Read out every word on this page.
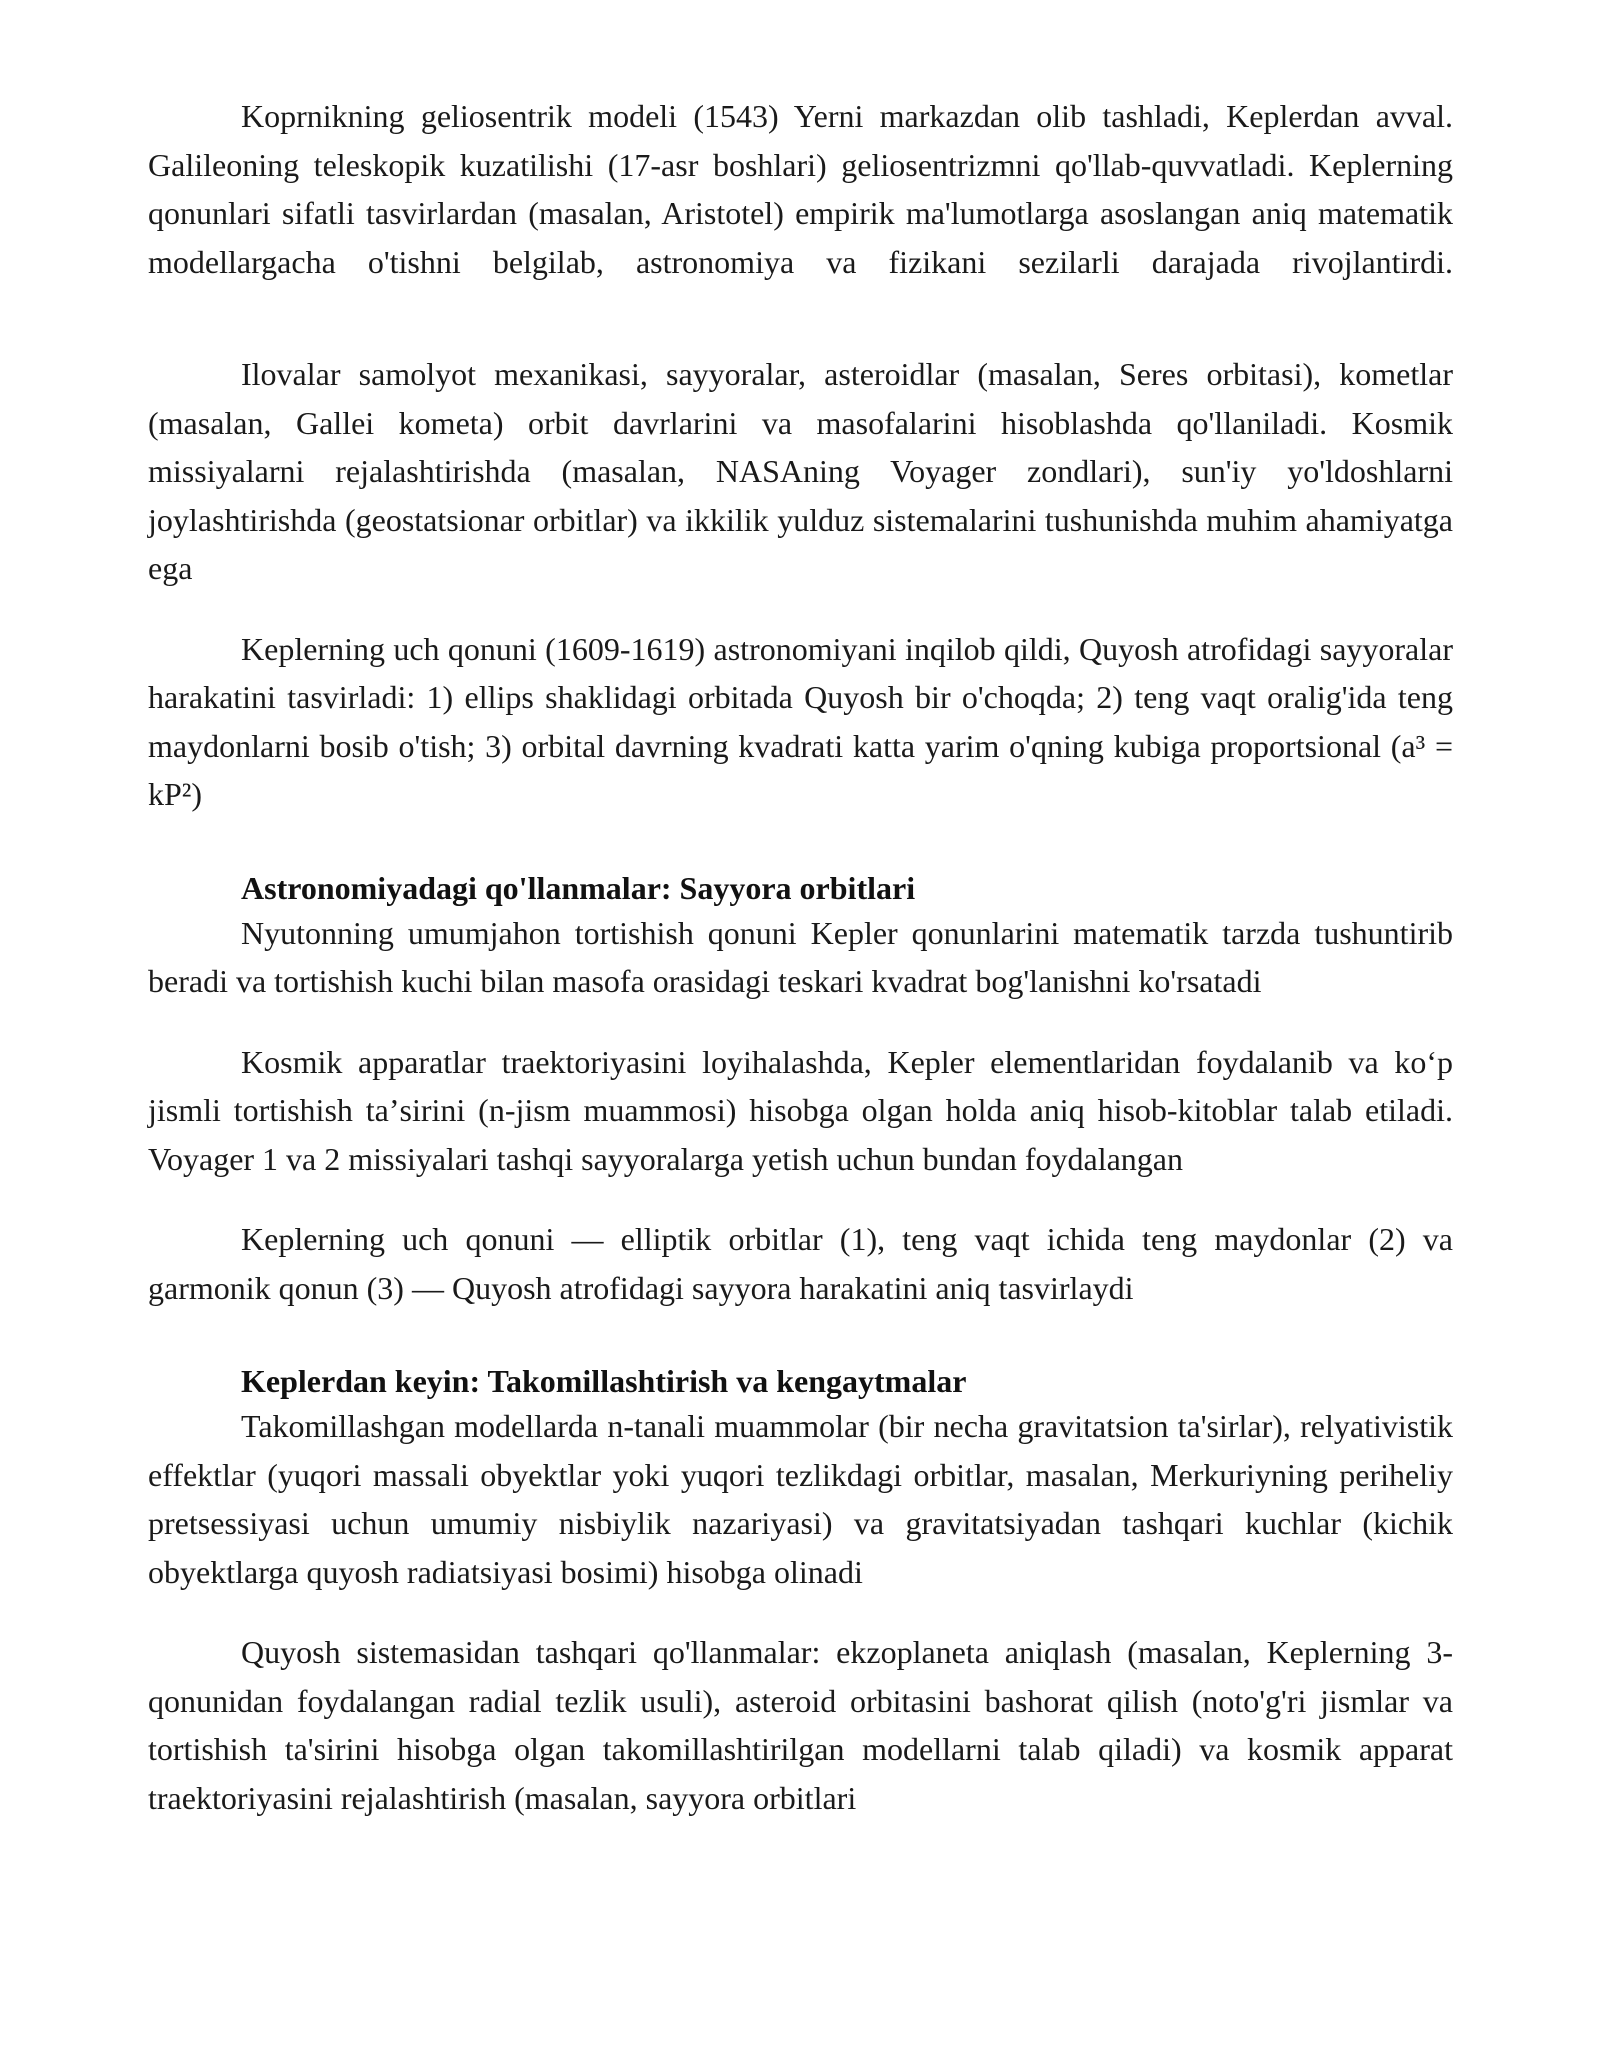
Koprnikning geliosentrik modeli (1543) Yerni markazdan olib tashladi, Keplerdan avval. Galileoning teleskopik kuzatilishi (17-asr boshlari) geliosentrizmni qo'llab-quvvatladi. Keplerning qonunlari sifatli tasvirlardan (masalan, Aristotel) empirik ma'lumotlarga asoslangan aniq matematik modellargacha o'tishni belgilab, astronomiya va fizikani sezilarli darajada rivojlantirdi.

Ilovalar samolyot mexanikasi, sayyoralar, asteroidlar (masalan, Seres orbitasi), kometlar (masalan, Gallei kometa) orbit davrlarini va masofalarini hisoblashda qo'llaniladi. Kosmik missiyalarni rejalashtirishda (masalan, NASAning Voyager zondlari), sun'iy yo'ldoshlarni joylashtirishda (geostatsionar orbitlar) va ikkilik yulduz sistemalarini tushunishda muhim ahamiyatga ega

Keplerning uch qonuni (1609-1619) astronomiyani inqilob qildi, Quyosh atrofidagi sayyoralar harakatini tasvirladi: 1) ellips shaklidagi orbitada Quyosh bir o'choqda; 2) teng vaqt oralig'ida teng maydonlarni bosib o'tish; 3) orbital davrning kvadrati katta yarim o'qning kubiga proportsional (a³ = kP²)

Astronomiyadagi qo'llanmalar: Sayyora orbitlari

Nyutonning umumjahon tortishish qonuni Kepler qonunlarini matematik tarzda tushuntirib beradi va tortishish kuchi bilan masofa orasidagi teskari kvadrat bog'lanishni ko'rsatadi

Kosmik apparatlar traektoriyasini loyihalashda, Kepler elementlaridan foydalanib va koʻp jismli tortishish taʼsirini (n-jism muammosi) hisobga olgan holda aniq hisob-kitoblar talab etiladi. Voyager 1 va 2 missiyalari tashqi sayyoralarga yetish uchun bundan foydalangan

Keplerning uch qonuni — elliptik orbitlar (1), teng vaqt ichida teng maydonlar (2) va garmonik qonun (3) — Quyosh atrofidagi sayyora harakatini aniq tasvirlaydi

Keplerdan keyin: Takomillashtirish va kengaytmalar

Takomillashgan modellarda n-tanali muammolar (bir necha gravitatsion ta'sirlar), relyativistik effektlar (yuqori massali obyektlar yoki yuqori tezlikdagi orbitlar, masalan, Merkuriyning periheliy pretsessiyasi uchun umumiy nisbiylik nazariyasi) va gravitatsiyadan tashqari kuchlar (kichik obyektlarga quyosh radiatsiyasi bosimi) hisobga olinadi

Quyosh sistemasidan tashqari qo'llanmalar: ekzoplaneta aniqlash (masalan, Keplerning 3-qonunidan foydalangan radial tezlik usuli), asteroid orbitasini bashorat qilish (noto'g'ri jismlar va tortishish ta'sirini hisobga olgan takomillashtirilgan modellarni talab qiladi) va kosmik apparat traektoriyasini rejalashtirish (masalan, sayyora orbitlari
